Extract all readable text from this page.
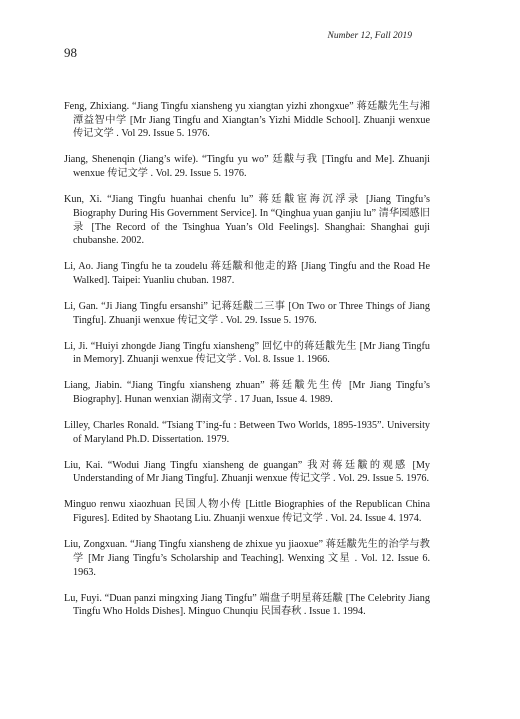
Number 12, Fall 2019
98

Feng, Zhixiang. “Jiang Tingfu xiansheng yu xiangtan yizhi zhongxue” 蒋廷黻先生与湘潭益智中学 [Mr Jiang Tingfu and Xiangtan’s Yizhi Middle School]. Zhuanji wenxue 传记文学 . Vol 29. Issue 5. 1976.

Jiang, Shenenqin (Jiang’s wife). “Tingfu yu wo” 廷黻与我 [Tingfu and Me]. Zhuanji wenxue 传记文学 . Vol. 29. Issue 5. 1976.

Kun, Xi. “Jiang Tingfu huanhai chenfu lu” 蒋廷黻宦海沉浮录 [Jiang Tingfu’s Biography During His Government Service]. In “Qinghua yuan ganjiu lu” 清华园感旧录 [The Record of the Tsinghua Yuan’s Old Feelings]. Shanghai: Shanghai guji chubanshe. 2002.

Li, Ao. Jiang Tingfu he ta zoudelu 蒋廷黻和他走的路 [Jiang Tingfu and the Road He Walked]. Taipei: Yuanliu chuban. 1987.

Li, Gan. “Ji Jiang Tingfu ersanshi” 记蒋廷黻二三事 [On Two or Three Things of Jiang Tingfu]. Zhuanji wenxue 传记文学 . Vol. 29. Issue 5. 1976.

Li, Ji. “Huiyi zhongde Jiang Tingfu xiansheng” 回忆中的蒋廷黻先生 [Mr Jiang Tingfu in Memory]. Zhuanji wenxue 传记文学 . Vol. 8. Issue 1. 1966.

Liang, Jiabin. “Jiang Tingfu xiansheng zhuan” 蒋廷黻先生传 [Mr Jiang Tingfu’s Biography]. Hunan wenxian 湖南文学 . 17 Juan, Issue 4. 1989.

Lilley, Charles Ronald. “Tsiang T’ing-fu : Between Two Worlds, 1895-1935”. University of Maryland Ph.D. Dissertation. 1979.

Liu, Kai. “Wodui Jiang Tingfu xiansheng de guangan” 我对蒋廷黻的观感 [My Understanding of Mr Jiang Tingfu]. Zhuanji wenxue 传记文学 . Vol. 29. Issue 5. 1976.

Minguo renwu xiaozhuan 民国人物小传 [Little Biographies of the Republican China Figures]. Edited by Shaotang Liu. Zhuanji wenxue 传记文学 . Vol. 24. Issue 4. 1974.

Liu, Zongxuan. “Jiang Tingfu xiansheng de zhixue yu jiaoxue” 蒋廷黻先生的治学与教学 [Mr Jiang Tingfu’s Scholarship and Teaching]. Wenxing 文星 . Vol. 12. Issue 6. 1963.

Lu, Fuyi. “Duan panzi mingxing Jiang Tingfu” 端盘子明星蒋廷黻 [The Celebrity Jiang Tingfu Who Holds Dishes]. Minguo Chunqiu 民国春秋 . Issue 1. 1994.
